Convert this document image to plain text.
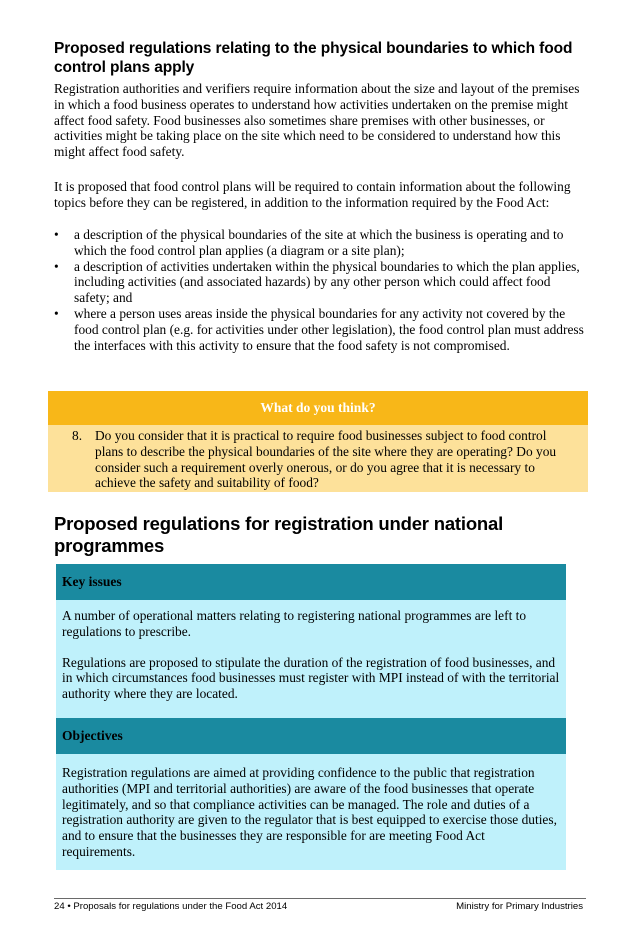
Proposed regulations relating to the physical boundaries to which food control plans apply
Registration authorities and verifiers require information about the size and layout of the premises in which a food business operates to understand how activities undertaken on the premise might affect food safety. Food businesses also sometimes share premises with other businesses, or activities might be taking place on the site which need to be considered to understand how this might affect food safety.
It is proposed that food control plans will be required to contain information about the following topics before they can be registered, in addition to the information required by the Food Act:
• a description of the physical boundaries of the site at which the business is operating and to which the food control plan applies (a diagram or a site plan);
• a description of activities undertaken within the physical boundaries to which the plan applies, including activities (and associated hazards) by any other person which could affect food safety; and
• where a person uses areas inside the physical boundaries for any activity not covered by the food control plan (e.g. for activities under other legislation), the food control plan must address the interfaces with this activity to ensure that the food safety is not compromised.
What do you think?
8. Do you consider that it is practical to require food businesses subject to food control plans to describe the physical boundaries of the site where they are operating? Do you consider such a requirement overly onerous, or do you agree that it is necessary to achieve the safety and suitability of food?
Proposed regulations for registration under national programmes
Key issues

A number of operational matters relating to registering national programmes are left to regulations to prescribe.

Regulations are proposed to stipulate the duration of the registration of food businesses, and in which circumstances food businesses must register with MPI instead of with the territorial authority where they are located.

Objectives

Registration regulations are aimed at providing confidence to the public that registration authorities (MPI and territorial authorities) are aware of the food businesses that operate legitimately, and so that compliance activities can be managed. The role and duties of a registration authority are given to the regulator that is best equipped to exercise those duties, and to ensure that the businesses they are responsible for are meeting Food Act requirements.

24 • Proposals for regulations under the Food Act 2014	Ministry for Primary Industries
